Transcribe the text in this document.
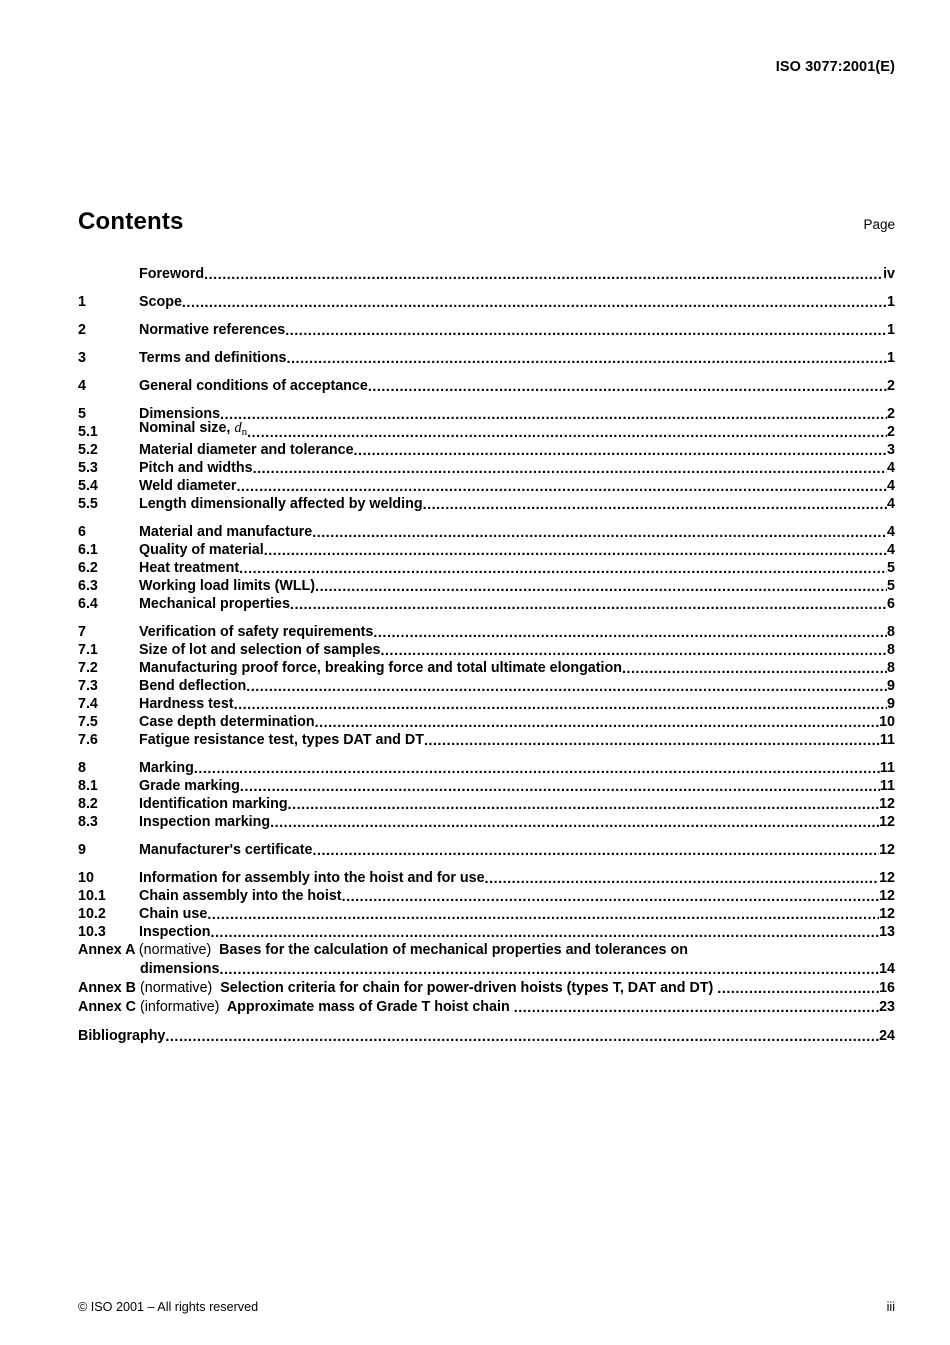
ISO 3077:2001(E)
Contents	Page
Foreword .....	iv
1	Scope .....	1
2	Normative references .....	1
3	Terms and definitions .....	1
4	General conditions of acceptance .....	2
5	Dimensions .....	2
5.1	Nominal size, $d_n$ .....	2
5.2	Material diameter and tolerance .....	3
5.3	Pitch and widths .....	4
5.4	Weld diameter .....	4
5.5	Length dimensionally affected by welding .....	4
6	Material and manufacture .....	4
6.1	Quality of material .....	4
6.2	Heat treatment .....	5
6.3	Working load limits (WLL) .....	5
6.4	Mechanical properties .....	6
7	Verification of safety requirements .....	8
7.1	Size of lot and selection of samples .....	8
7.2	Manufacturing proof force, breaking force and total ultimate elongation .....	8
7.3	Bend deflection .....	9
7.4	Hardness test .....	9
7.5	Case depth determination .....	10
7.6	Fatigue resistance test, types DAT and DT .....	11
8	Marking .....	11
8.1	Grade marking .....	11
8.2	Identification marking .....	12
8.3	Inspection marking .....	12
9	Manufacturer's certificate .....	12
10	Information for assembly into the hoist and for use .....	12
10.1	Chain assembly into the hoist .....	12
10.2	Chain use .....	12
10.3	Inspection .....	13
Annex A (normative) Bases for the calculation of mechanical properties and tolerances on
dimensions .....	14
Annex B (normative) Selection criteria for chain for power-driven hoists (types T, DAT and DT) .....	16
Annex C (informative) Approximate mass of Grade T hoist chain .....	23
Bibliography .....	24
© ISO 2001 – All rights reserved	iii
